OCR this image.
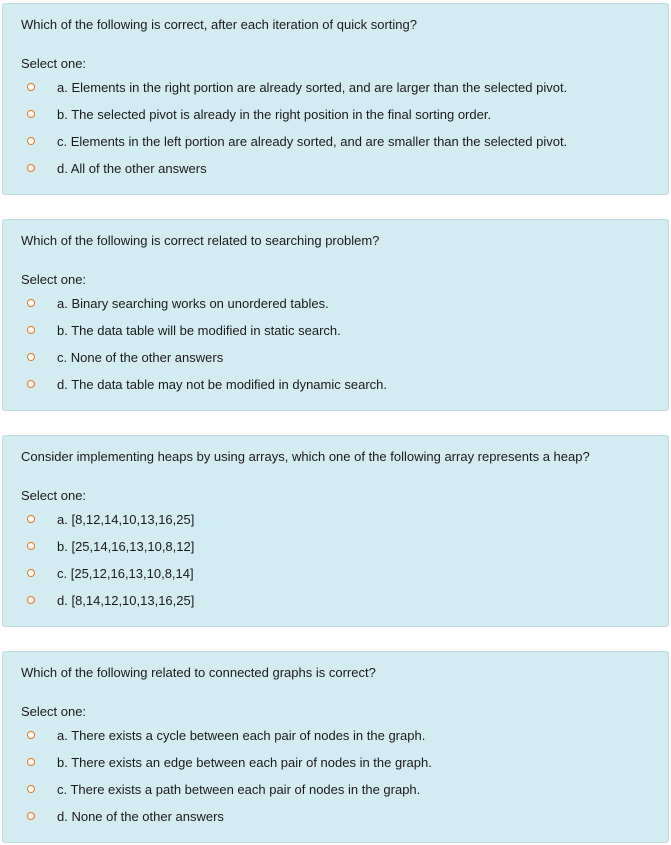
Which of the following is correct, after each iteration of quick sorting?
Select one:
a. Elements in the right portion are already sorted, and are larger than the selected pivot.
b. The selected pivot is already in the right position in the final sorting order.
c. Elements in the left portion are already sorted, and are smaller than the selected pivot.
d. All of the other answers
Which of the following is correct related to searching problem?
Select one:
a. Binary searching works on unordered tables.
b. The data table will be modified in static search.
c. None of the other answers
d. The data table may not be modified in dynamic search.
Consider implementing heaps by using arrays, which one of the following array represents a heap?
Select one:
a. [8,12,14,10,13,16,25]
b. [25,14,16,13,10,8,12]
c. [25,12,16,13,10,8,14]
d. [8,14,12,10,13,16,25]
Which of the following related to connected graphs is correct?
Select one:
a. There exists a cycle between each pair of nodes in the graph.
b. There exists an edge between each pair of nodes in the graph.
c. There exists a path between each pair of nodes in the graph.
d. None of the other answers
